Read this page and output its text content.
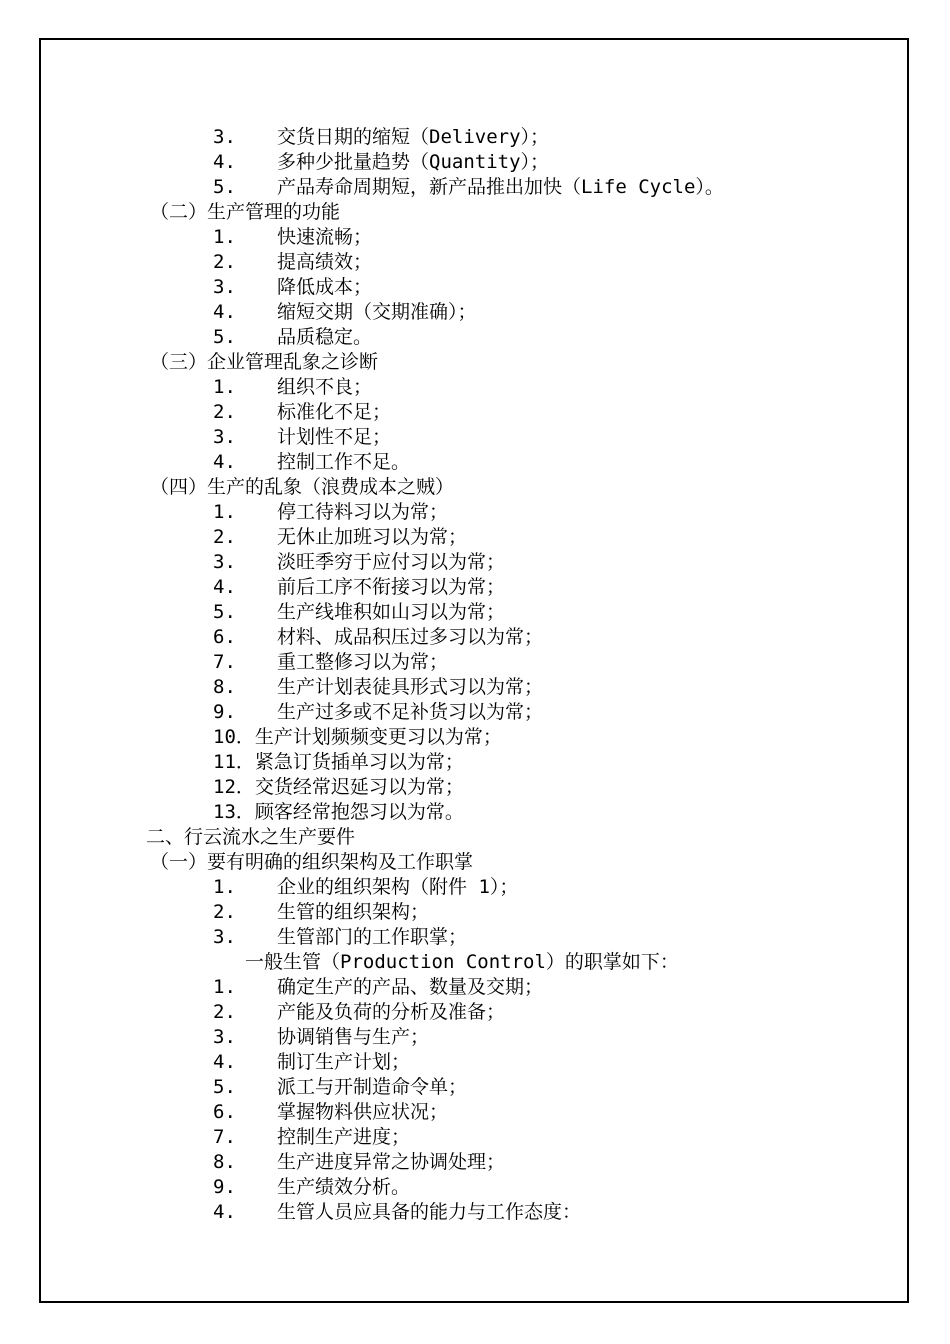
3. 交货日期的缩短（Delivery）；
4. 多种少批量趋势（Quantity）；
5. 产品寿命周期短，新产品推出加快（Life Cycle）。
（二）生产管理的功能
1. 快速流畅；
2. 提高绩效；
3. 降低成本；
4. 缩短交期（交期准确）；
5. 品质稳定。
（三）企业管理乱象之诊断
1. 组织不良；
2. 标准化不足；
3. 计划性不足；
4. 控制工作不足。
（四）生产的乱象（浪费成本之贼）
1. 停工待料习以为常；
2. 无休止加班习以为常；
3. 淡旺季穷于应付习以为常；
4. 前后工序不衔接习以为常；
5. 生产线堆积如山习以为常；
6. 材料、成品积压过多习以为常；
7. 重工整修习以为常；
8. 生产计划表徒具形式习以为常；
9. 生产过多或不足补货习以为常；
10．生产计划频频变更习以为常；
11．紧急订货插单习以为常；
12．交货经常迟延习以为常；
13．顾客经常抱怨习以为常。
二、行云流水之生产要件
（一）要有明确的组织架构及工作职掌
1. 企业的组织架构（附件 1）；
2. 生管的组织架构；
3. 生管部门的工作职掌；
一般生管（Production Control）的职掌如下：
1. 确定生产的产品、数量及交期；
2. 产能及负荷的分析及准备；
3. 协调销售与生产；
4. 制订生产计划；
5. 派工与开制造命令单；
6. 掌握物料供应状况；
7. 控制生产进度；
8. 生产进度异常之协调处理；
9. 生产绩效分析。
4. 生管人员应具备的能力与工作态度：
